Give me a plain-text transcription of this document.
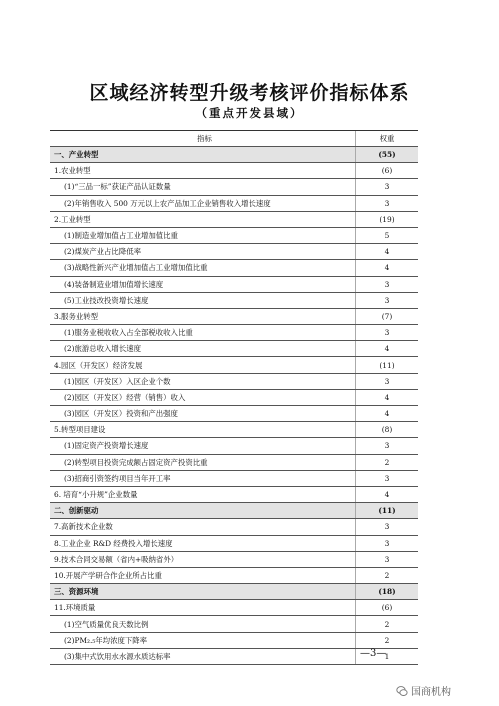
区域经济转型升级考核评价指标体系
（重点开发县域）
指标	权重
一、产业转型	(55)
1.农业转型	(6)
(1)“三品一标”获证产品认证数量	3
(2)年销售收入 500 万元以上农产品加工企业销售收入增长速度	3
2.工业转型	(19)
(1)制造业增加值占工业增加值比重	5
(2)煤炭产业占比降低率	4
(3)战略性新兴产业增加值占工业增加值比重	4
(4)装备制造业增加值增长速度	3
(5)工业技改投资增长速度	3
3.服务业转型	(7)
(1)服务业税收收入占全部税收收入比重	3
(2)旅游总收入增长速度	4
4.园区（开发区）经济发展	(11)
(1)园区（开发区）入区企业个数	3
(2)园区（开发区）经营（销售）收入	4
(3)园区（开发区）投资和产出强度	4
5.转型项目建设	(8)
(1)固定资产投资增长速度	3
(2)转型项目投资完成额占固定资产投资比重	2
(3)招商引资签约项目当年开工率	3
6. 培育“小升规”企业数量	4
二、创新驱动	(11)
7.高新技术企业数	3
8.工业企业 R&D 经费投入增长速度	3
9.技术合同交易额（省内+吸纳省外）	3
10.开展产学研合作企业所占比重	2
三、资源环境	(18)
11.环境质量	(6)
(1)空气质量优良天数比例	2
(2)PM₂.₅年均浓度下降率	2
(3)集中式饮用水水源水质达标率	1
—3—
国商机构
